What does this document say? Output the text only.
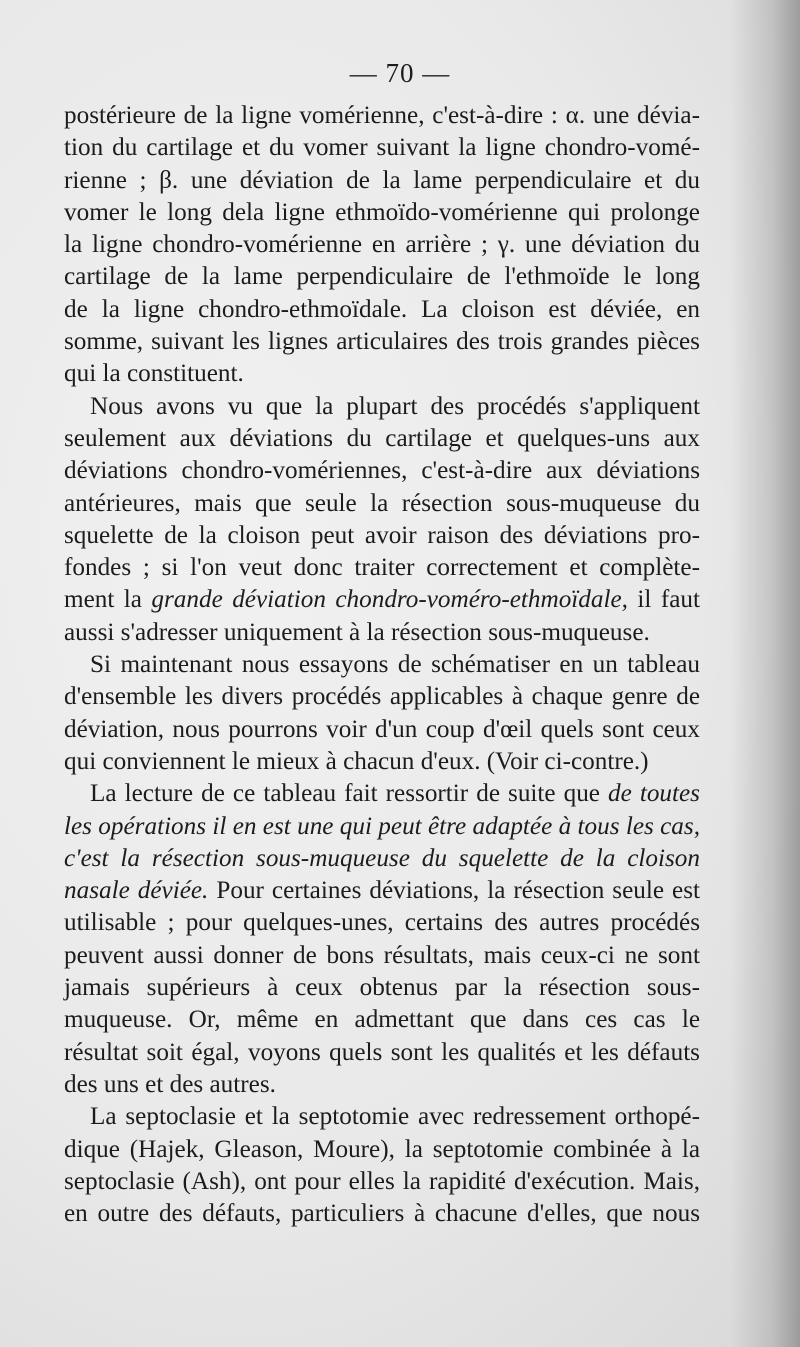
— 70 —
postérieure de la ligne vomérienne, c'est-à-dire : α. une dévia-
tion du cartilage et du vomer suivant la ligne chondro-vomé-
rienne ; β. une déviation de la lame perpendiculaire et du
vomer le long dela ligne ethmoïdo-vomérienne qui prolonge
la ligne chondro-vomérienne en arrière ; γ. une déviation du
cartilage de la lame perpendiculaire de l'ethmoïde le long
de la ligne chondro-ethmoïdale. La cloison est déviée, en
somme, suivant les lignes articulaires des trois grandes pièces
qui la constituent.
Nous avons vu que la plupart des procédés s'appliquent
seulement aux déviations du cartilage et quelques-uns aux
déviations chondro-vomériennes, c'est-à-dire aux déviations
antérieures, mais que seule la résection sous-muqueuse du
squelette de la cloison peut avoir raison des déviations pro-
fondes ; si l'on veut donc traiter correctement et complète-
ment la grande déviation chondro-voméro-ethmoïdale, il faut
aussi s'adresser uniquement à la résection sous-muqueuse.
Si maintenant nous essayons de schématiser en un tableau
d'ensemble les divers procédés applicables à chaque genre de
déviation, nous pourrons voir d'un coup d'œil quels sont ceux
qui conviennent le mieux à chacun d'eux. (Voir ci-contre.)
La lecture de ce tableau fait ressortir de suite que de toutes
les opérations il en est une qui peut être adaptée à tous les cas,
c'est la résection sous-muqueuse du squelette de la cloison
nasale déviée. Pour certaines déviations, la résection seule est
utilisable ; pour quelques-unes, certains des autres procédés
peuvent aussi donner de bons résultats, mais ceux-ci ne sont
jamais supérieurs à ceux obtenus par la résection sous-
muqueuse. Or, même en admettant que dans ces cas le
résultat soit égal, voyons quels sont les qualités et les défauts
des uns et des autres.
La septoclasie et la septotomie avec redressement orthopé-
dique (Hajek, Gleason, Moure), la septotomie combinée à la
septoclasie (Ash), ont pour elles la rapidité d'exécution. Mais,
en outre des défauts, particuliers à chacune d'elles, que nous
